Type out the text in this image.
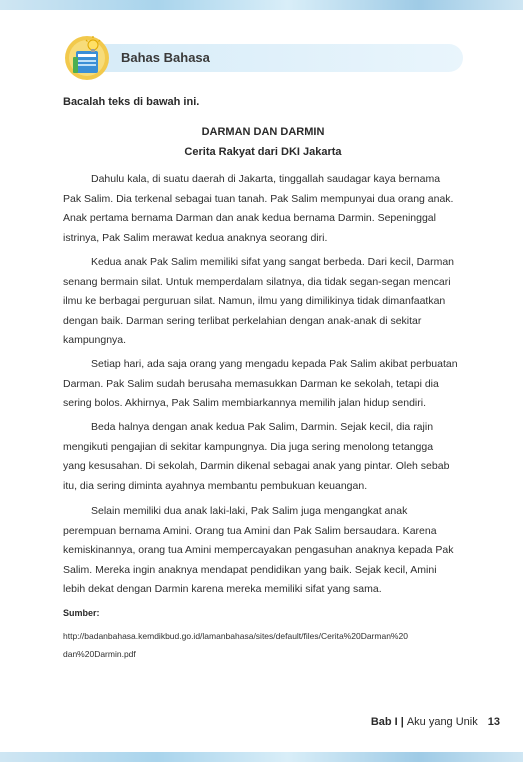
Bahas Bahasa
Bacalah teks di bawah ini.
DARMAN DAN DARMIN
Cerita Rakyat dari DKI Jakarta
Dahulu kala, di suatu daerah di Jakarta, tinggallah saudagar kaya bernama
Pak Salim. Dia terkenal sebagai tuan tanah. Pak Salim mempunyai dua orang anak.
Anak pertama bernama Darman dan anak kedua bernama Darmin. Sepeninggal
istrinya, Pak Salim merawat kedua anaknya seorang diri.
Kedua anak Pak Salim memiliki sifat yang sangat berbeda. Dari kecil, Darman
senang bermain silat. Untuk memperdalam silatnya, dia tidak segan-segan mencari
ilmu ke berbagai perguruan silat. Namun, ilmu yang dimilikinya tidak dimanfaatkan
dengan baik. Darman sering terlibat perkelahian dengan anak-anak di sekitar
kampungnya.
Setiap hari, ada saja orang yang mengadu kepada Pak Salim akibat perbuatan
Darman. Pak Salim sudah berusaha memasukkan Darman ke sekolah, tetapi dia
sering bolos. Akhirnya, Pak Salim membiarkannya memilih jalan hidup sendiri.
Beda halnya dengan anak kedua Pak Salim, Darmin. Sejak kecil, dia rajin
mengikuti pengajian di sekitar kampungnya. Dia juga sering menolong tetangga
yang kesusahan. Di sekolah, Darmin dikenal sebagai anak yang pintar. Oleh sebab
itu, dia sering diminta ayahnya membantu pembukuan keuangan.
Selain memiliki dua anak laki-laki, Pak Salim juga mengangkat anak
perempuan bernama Amini. Orang tua Amini dan Pak Salim bersaudara. Karena
kemiskinannya, orang tua Amini mempercayakan pengasuhan anaknya kepada Pak
Salim. Mereka ingin anaknya mendapat pendidikan yang baik. Sejak kecil, Amini
lebih dekat dengan Darmin karena mereka memiliki sifat yang sama.
Sumber:
http://badanbahasa.kemdikbud.go.id/lamanbahasa/sites/default/files/Cerita%20Darman%20
dan%20Darmin.pdf
Bab I | Aku yang Unik 13
